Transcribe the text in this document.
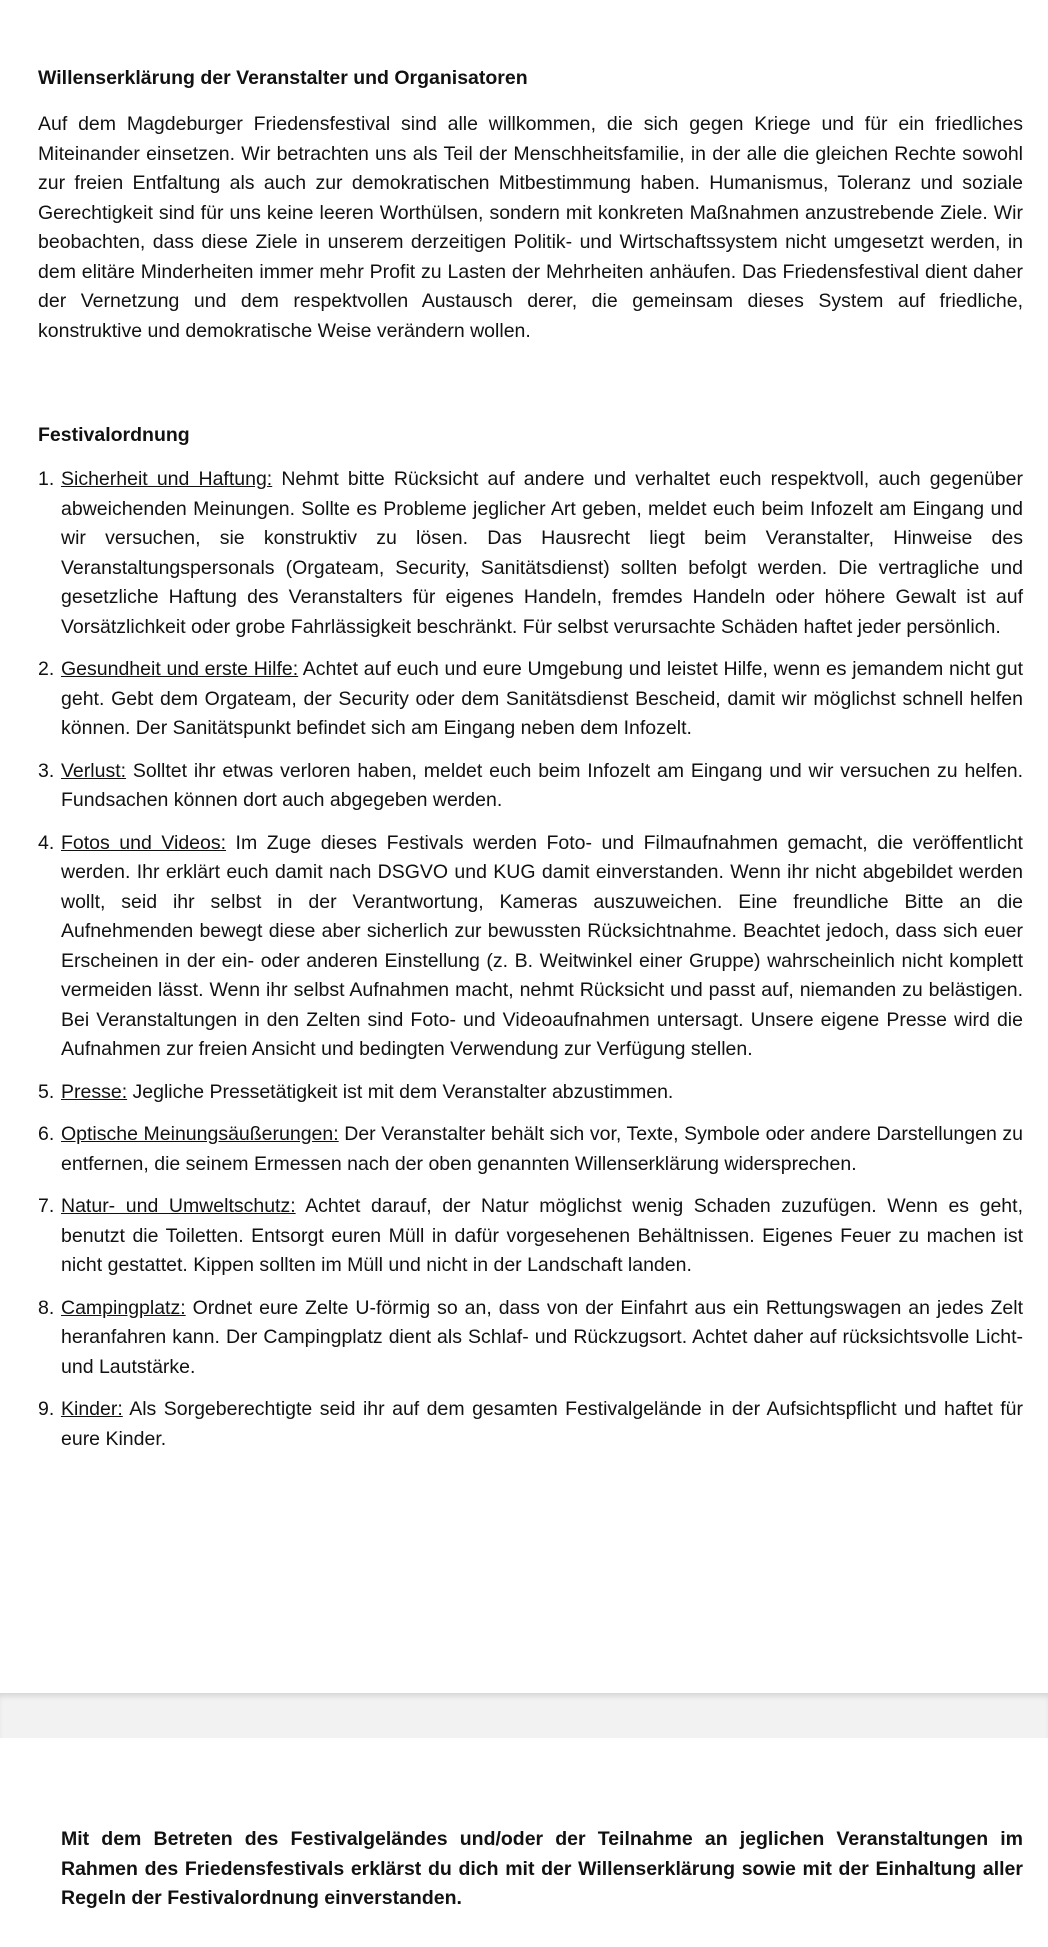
Willenserklärung der Veranstalter und Organisatoren

Auf dem Magdeburger Friedensfestival sind alle willkommen, die sich gegen Kriege und für ein friedliches Miteinander einsetzen. Wir betrachten uns als Teil der Menschheitsfamilie, in der alle die gleichen Rechte sowohl zur freien Entfaltung als auch zur demokratischen Mitbestimmung haben. Humanismus, Toleranz und soziale Gerechtigkeit sind für uns keine leeren Worthülsen, sondern mit konkreten Maßnahmen anzustrebende Ziele. Wir beobachten, dass diese Ziele in unserem derzeitigen Politik- und Wirtschaftssystem nicht umgesetzt werden, in dem elitäre Minderheiten immer mehr Profit zu Lasten der Mehrheiten anhäufen. Das Friedensfestival dient daher der Vernetzung und dem respektvollen Austausch derer, die gemeinsam dieses System auf friedliche, konstruktive und demokratische Weise verändern wollen.

Festivalordnung
1. Sicherheit und Haftung: Nehmt bitte Rücksicht auf andere und verhaltet euch respektvoll, auch gegenüber abweichenden Meinungen. Sollte es Probleme jeglicher Art geben, meldet euch beim Infozelt am Eingang und wir versuchen, sie konstruktiv zu lösen. Das Hausrecht liegt beim Veranstalter, Hinweise des Veranstaltungspersonals (Orgateam, Security, Sanitätsdienst) sollten befolgt werden. Die vertragliche und gesetzliche Haftung des Veranstalters für eigenes Handeln, fremdes Handeln oder höhere Gewalt ist auf Vorsätzlichkeit oder grobe Fahrlässigkeit beschränkt. Für selbst verursachte Schäden haftet jeder persönlich.
2. Gesundheit und erste Hilfe: Achtet auf euch und eure Umgebung und leistet Hilfe, wenn es jemandem nicht gut geht. Gebt dem Orgateam, der Security oder dem Sanitätsdienst Bescheid, damit wir möglichst schnell helfen können. Der Sanitätspunkt befindet sich am Eingang neben dem Infozelt.
3. Verlust: Solltet ihr etwas verloren haben, meldet euch beim Infozelt am Eingang und wir versuchen zu helfen. Fundsachen können dort auch abgegeben werden.
4. Fotos und Videos: Im Zuge dieses Festivals werden Foto- und Filmaufnahmen gemacht, die veröffentlicht werden. Ihr erklärt euch damit nach DSGVO und KUG damit einverstanden. Wenn ihr nicht abgebildet werden wollt, seid ihr selbst in der Verantwortung, Kameras auszuweichen. Eine freundliche Bitte an die Aufnehmenden bewegt diese aber sicherlich zur bewussten Rücksichtnahme. Beachtet jedoch, dass sich euer Erscheinen in der ein- oder anderen Einstellung (z. B. Weitwinkel einer Gruppe) wahrscheinlich nicht komplett vermeiden lässt. Wenn ihr selbst Aufnahmen macht, nehmt Rücksicht und passt auf, niemanden zu belästigen. Bei Veranstaltungen in den Zelten sind Foto- und Videoaufnahmen untersagt. Unsere eigene Presse wird die Aufnahmen zur freien Ansicht und bedingten Verwendung zur Verfügung stellen.
5. Presse: Jegliche Pressetätigkeit ist mit dem Veranstalter abzustimmen.
6. Optische Meinungsäußerungen: Der Veranstalter behält sich vor, Texte, Symbole oder andere Darstellungen zu entfernen, die seinem Ermessen nach der oben genannten Willenserklärung widersprechen.
7. Natur- und Umweltschutz: Achtet darauf, der Natur möglichst wenig Schaden zuzufügen. Wenn es geht, benutzt die Toiletten. Entsorgt euren Müll in dafür vorgesehenen Behältnissen. Eigenes Feuer zu machen ist nicht gestattet. Kippen sollten im Müll und nicht in der Landschaft landen.
8. Campingplatz: Ordnet eure Zelte U-förmig so an, dass von der Einfahrt aus ein Rettungswagen an jedes Zelt heranfahren kann. Der Campingplatz dient als Schlaf- und Rückzugsort. Achtet daher auf rücksichtsvolle Licht- und Lautstärke.
9. Kinder: Als Sorgeberechtigte seid ihr auf dem gesamten Festivalgelände in der Aufsichtspflicht und haftet für eure Kinder.

Mit dem Betreten des Festivalgeländes und/oder der Teilnahme an jeglichen Veranstaltungen im Rahmen des Friedensfestivals erklärst du dich mit der Willenserklärung sowie mit der Einhaltung aller Regeln der Festivalordnung einverstanden.
